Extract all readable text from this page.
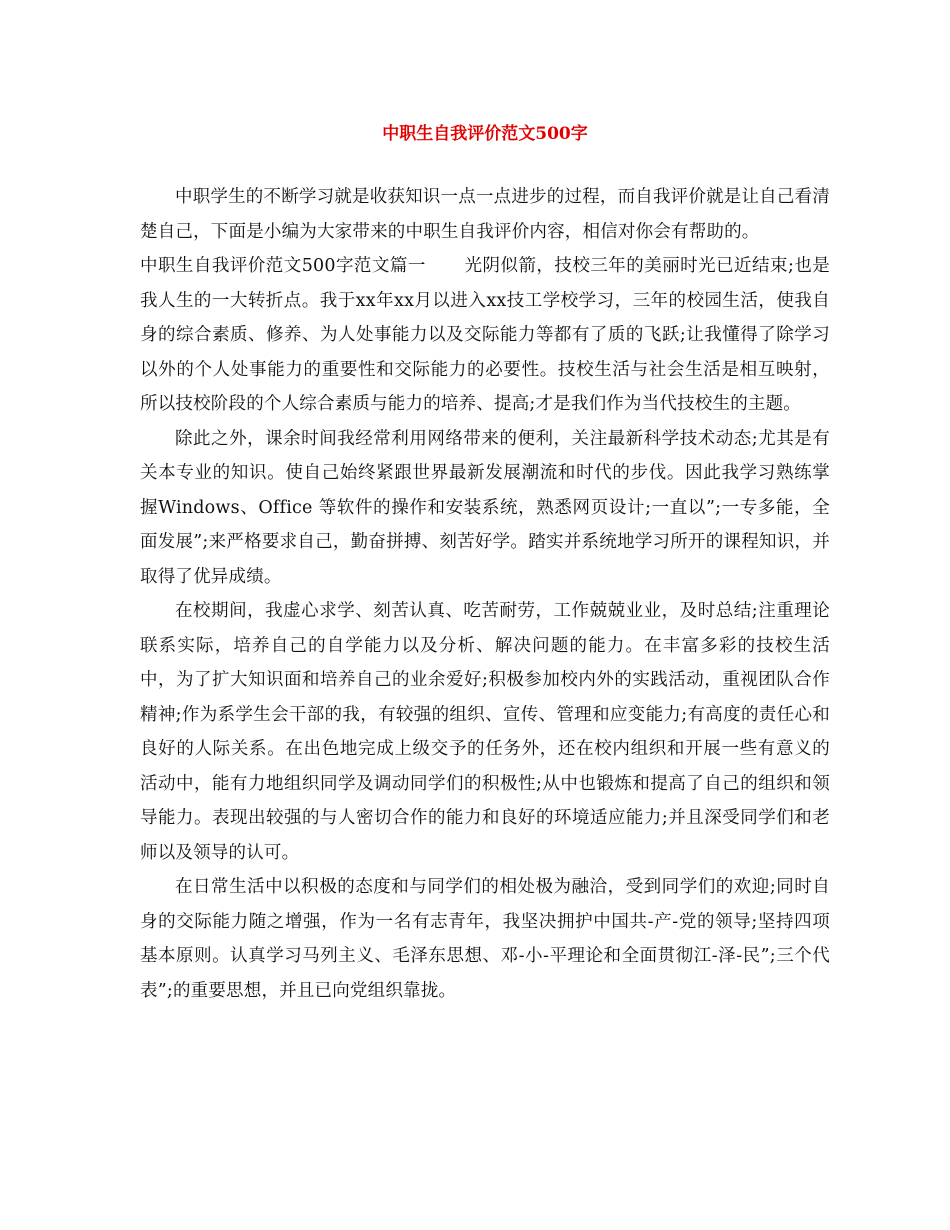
中职生自我评价范文500字

中职学生的不断学习就是收获知识一点一点进步的过程，而自我评价就是让自己看清楚自己，下面是小编为大家带来的中职生自我评价内容，相信对你会有帮助的。

中职生自我评价范文500字范文篇一 光阴似箭，技校三年的美丽时光已近结束;也是我人生的一大转折点。我于xx年xx月以进入xx技工学校学习，三年的校园生活，使我自身的综合素质、修养、为人处事能力以及交际能力等都有了质的飞跃;让我懂得了除学习以外的个人处事能力的重要性和交际能力的必要性。技校生活与社会生活是相互映射，所以技校阶段的个人综合素质与能力的培养、提高;才是我们作为当代技校生的主题。

除此之外，课余时间我经常利用网络带来的便利，关注最新科学技术动态;尤其是有关本专业的知识。使自己始终紧跟世界最新发展潮流和时代的步伐。因此我学习熟练掌握Windows、Office 等软件的操作和安装系统，熟悉网页设计;一直以”;一专多能，全面发展”;来严格要求自己，勤奋拼搏、刻苦好学。踏实并系统地学习所开的课程知识，并取得了优异成绩。

在校期间，我虚心求学、刻苦认真、吃苦耐劳，工作兢兢业业，及时总结;注重理论联系实际，培养自己的自学能力以及分析、解决问题的能力。在丰富多彩的技校生活中，为了扩大知识面和培养自己的业余爱好;积极参加校内外的实践活动，重视团队合作精神;作为系学生会干部的我，有较强的组织、宣传、管理和应变能力;有高度的责任心和良好的人际关系。在出色地完成上级交予的任务外，还在校内组织和开展一些有意义的活动中，能有力地组织同学及调动同学们的积极性;从中也锻炼和提高了自己的组织和领导能力。表现出较强的与人密切合作的能力和良好的环境适应能力;并且深受同学们和老师以及领导的认可。

在日常生活中以积极的态度和与同学们的相处极为融洽，受到同学们的欢迎;同时自身的交际能力随之增强，作为一名有志青年，我坚决拥护中国共-产-党的领导;坚持四项基本原则。认真学习马列主义、毛泽东思想、邓-小-平理论和全面贯彻江-泽-民”;三个代表”;的重要思想，并且已向党组织靠拢。
